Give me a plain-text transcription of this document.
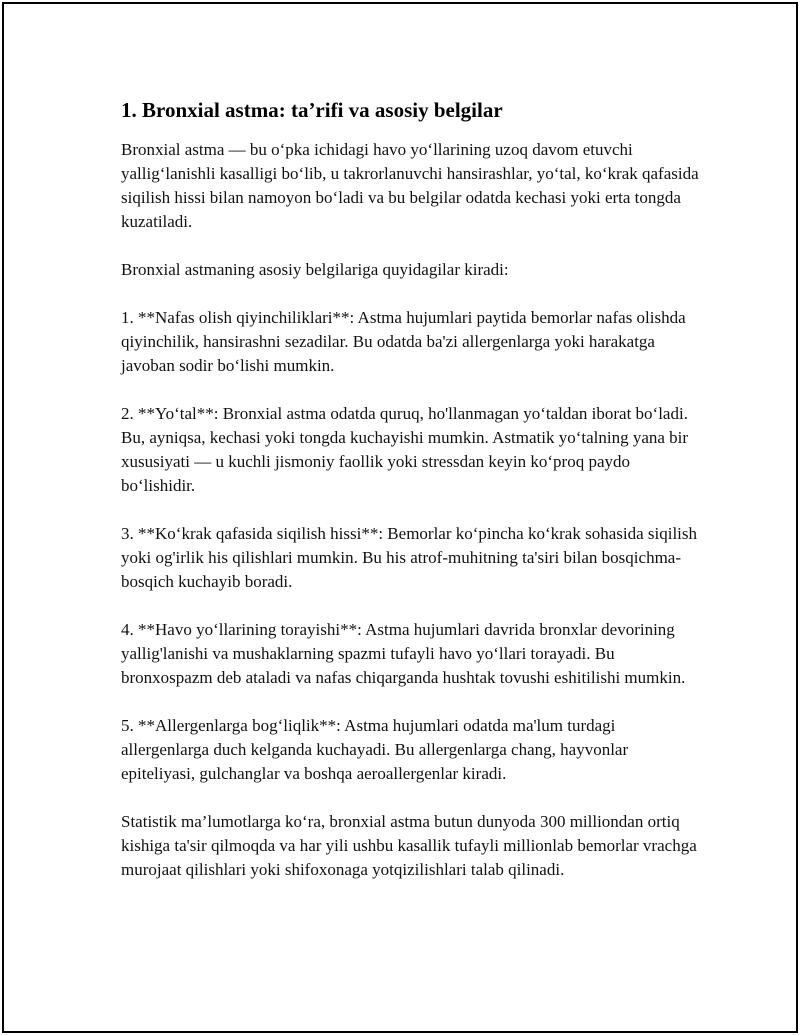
1. Bronxial astma: ta’rifi va asosiy belgilar

Bronxial astma — bu o‘pka ichidagi havo yo‘llarining uzoq davom etuvchi yallig‘lanishli kasalligi bo‘lib, u takrorlanuvchi hansirashlar, yo‘tal, ko‘krak qafasida siqilish hissi bilan namoyon bo‘ladi va bu belgilar odatda kechasi yoki erta tongda kuzatiladi.

Bronxial astmaning asosiy belgilariga quyidagilar kiradi:

1. **Nafas olish qiyinchiliklari**: Astma hujumlari paytida bemorlar nafas olishda qiyinchilik, hansirashni sezadilar. Bu odatda ba'zi allergenlarga yoki harakatga javoban sodir bo‘lishi mumkin.

2. **Yo‘tal**: Bronxial astma odatda quruq, ho'llanmagan yo‘taldan iborat bo‘ladi. Bu, ayniqsa, kechasi yoki tongda kuchayishi mumkin. Astmatik yo‘talning yana bir xususiyati — u kuchli jismoniy faollik yoki stressdan keyin ko‘proq paydo bo‘lishidir.

3. **Ko‘krak qafasida siqilish hissi**: Bemorlar ko‘pincha ko‘krak sohasida siqilish yoki og'irlik his qilishlari mumkin. Bu his atrof-muhitning ta'siri bilan bosqichma-bosqich kuchayib boradi.

4. **Havo yo‘llarining torayishi**: Astma hujumlari davrida bronxlar devorining yallig'lanishi va mushaklarning spazmi tufayli havo yo‘llari torayadi. Bu bronxospazm deb ataladi va nafas chiqarganda hushtak tovushi eshitilishi mumkin.

5. **Allergenlarga bog‘liqlik**: Astma hujumlari odatda ma'lum turdagi allergenlarga duch kelganda kuchayadi. Bu allergenlarga chang, hayvonlar epiteliyasi, gulchanglar va boshqa aeroallergenlar kiradi.

Statistik ma’lumotlarga ko‘ra, bronxial astma butun dunyoda 300 milliondan ortiq kishiga ta'sir qilmoqda va har yili ushbu kasallik tufayli millionlab bemorlar vrachga murojaat qilishlari yoki shifoxonaga yotqizilishlari talab qilinadi.
